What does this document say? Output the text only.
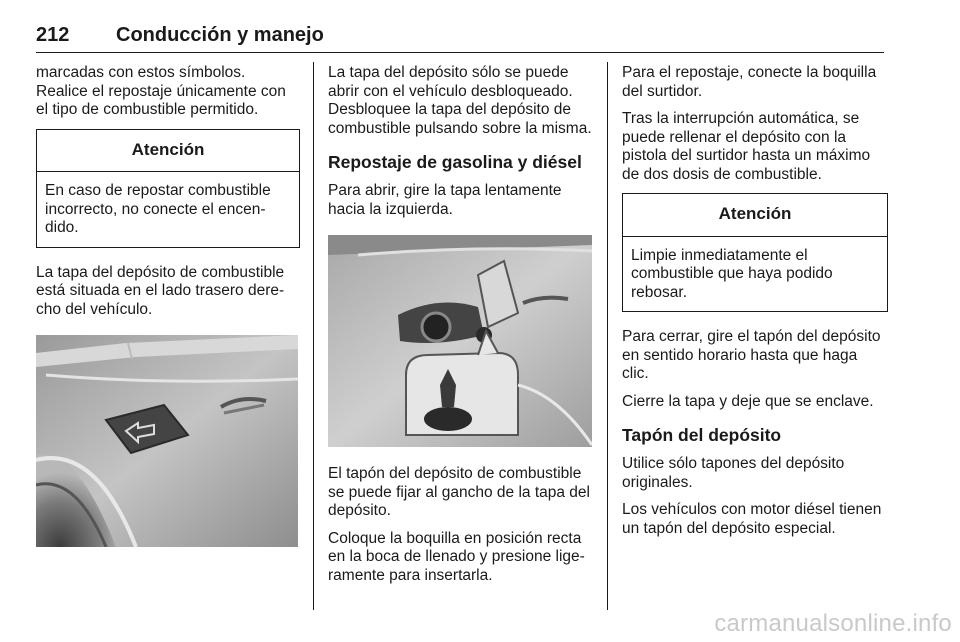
212 Conducción y manejo

marcadas con estos símbolos. Realice el repostaje únicamente con el tipo de combustible permitido.

Atención
En caso de repostar combustible incorrecto, no conecte el encen-dido.

La tapa del depósito de combustible está situada en el lado trasero dere-cho del vehículo.

La tapa del depósito sólo se puede abrir con el vehículo desbloqueado. Desbloquee la tapa del depósito de combustible pulsando sobre la misma.

Repostaje de gasolina y diésel

Para abrir, gire la tapa lentamente hacia la izquierda.

El tapón del depósito de combustible se puede fijar al gancho de la tapa del depósito.

Coloque la boquilla en posición recta en la boca de llenado y presione lige-ramente para insertarla.

Para el repostaje, conecte la boquilla del surtidor.

Tras la interrupción automática, se puede rellenar el depósito con la pistola del surtidor hasta un máximo de dos dosis de combustible.

Atención
Limpie inmediatamente el combustible que haya podido rebosar.

Para cerrar, gire el tapón del depósito en sentido horario hasta que haga clic.

Cierre la tapa y deje que se enclave.

Tapón del depósito

Utilice sólo tapones del depósito originales.

Los vehículos con motor diésel tienen un tapón del depósito especial.

carmanualsonline.info
